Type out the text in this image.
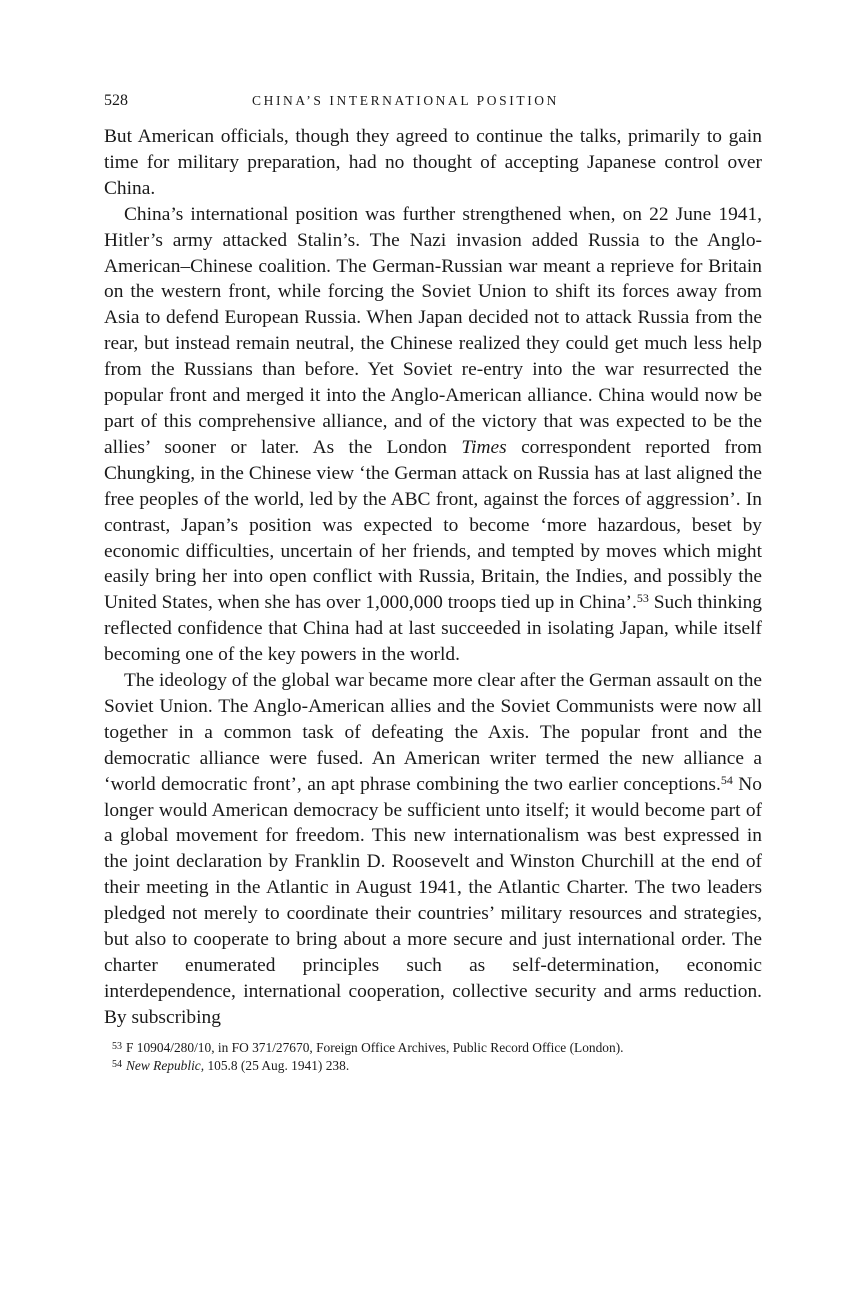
528	CHINA’S INTERNATIONAL POSITION

But American officials, though they agreed to continue the talks, primarily to gain time for military preparation, had no thought of accepting Japanese control over China.

China’s international position was further strengthened when, on 22 June 1941, Hitler’s army attacked Stalin’s. The Nazi invasion added Russia to the Anglo-American–Chinese coalition. The German-Russian war meant a reprieve for Britain on the western front, while forcing the Soviet Union to shift its forces away from Asia to defend European Russia. When Japan decided not to attack Russia from the rear, but instead remain neutral, the Chinese realized they could get much less help from the Russians than before. Yet Soviet re-entry into the war resurrected the popular front and merged it into the Anglo-American alliance. China would now be part of this comprehensive alliance, and of the victory that was expected to be the allies’ sooner or later. As the London Times correspondent reported from Chungking, in the Chinese view ‘the German attack on Russia has at last aligned the free peoples of the world, led by the ABC front, against the forces of aggression’. In contrast, Japan’s position was expected to become ‘more hazardous, beset by economic difficulties, uncertain of her friends, and tempted by moves which might easily bring her into open conflict with Russia, Britain, the Indies, and possibly the United States, when she has over 1,000,000 troops tied up in China’.$^{53}$ Such thinking reflected confidence that China had at last succeeded in isolating Japan, while itself becoming one of the key powers in the world.

The ideology of the global war became more clear after the German assault on the Soviet Union. The Anglo-American allies and the Soviet Communists were now all together in a common task of defeating the Axis. The popular front and the democratic alliance were fused. An American writer termed the new alliance a ‘world democratic front’, an apt phrase combining the two earlier conceptions.$^{54}$ No longer would American democracy be sufficient unto itself; it would become part of a global movement for freedom. This new internationalism was best expressed in the joint declaration by Franklin D. Roosevelt and Winston Churchill at the end of their meeting in the Atlantic in August 1941, the Atlantic Charter. The two leaders pledged not merely to coordinate their countries’ military resources and strategies, but also to cooperate to bring about a more secure and just international order. The charter enumerated principles such as self-determination, economic interdependence, international cooperation, collective security and arms reduction. By subscribing

$^{53}$ F 10904/280/10, in FO 371/27670, Foreign Office Archives, Public Record Office (London).

$^{54}$ New Republic, 105.8 (25 Aug. 1941) 238.
